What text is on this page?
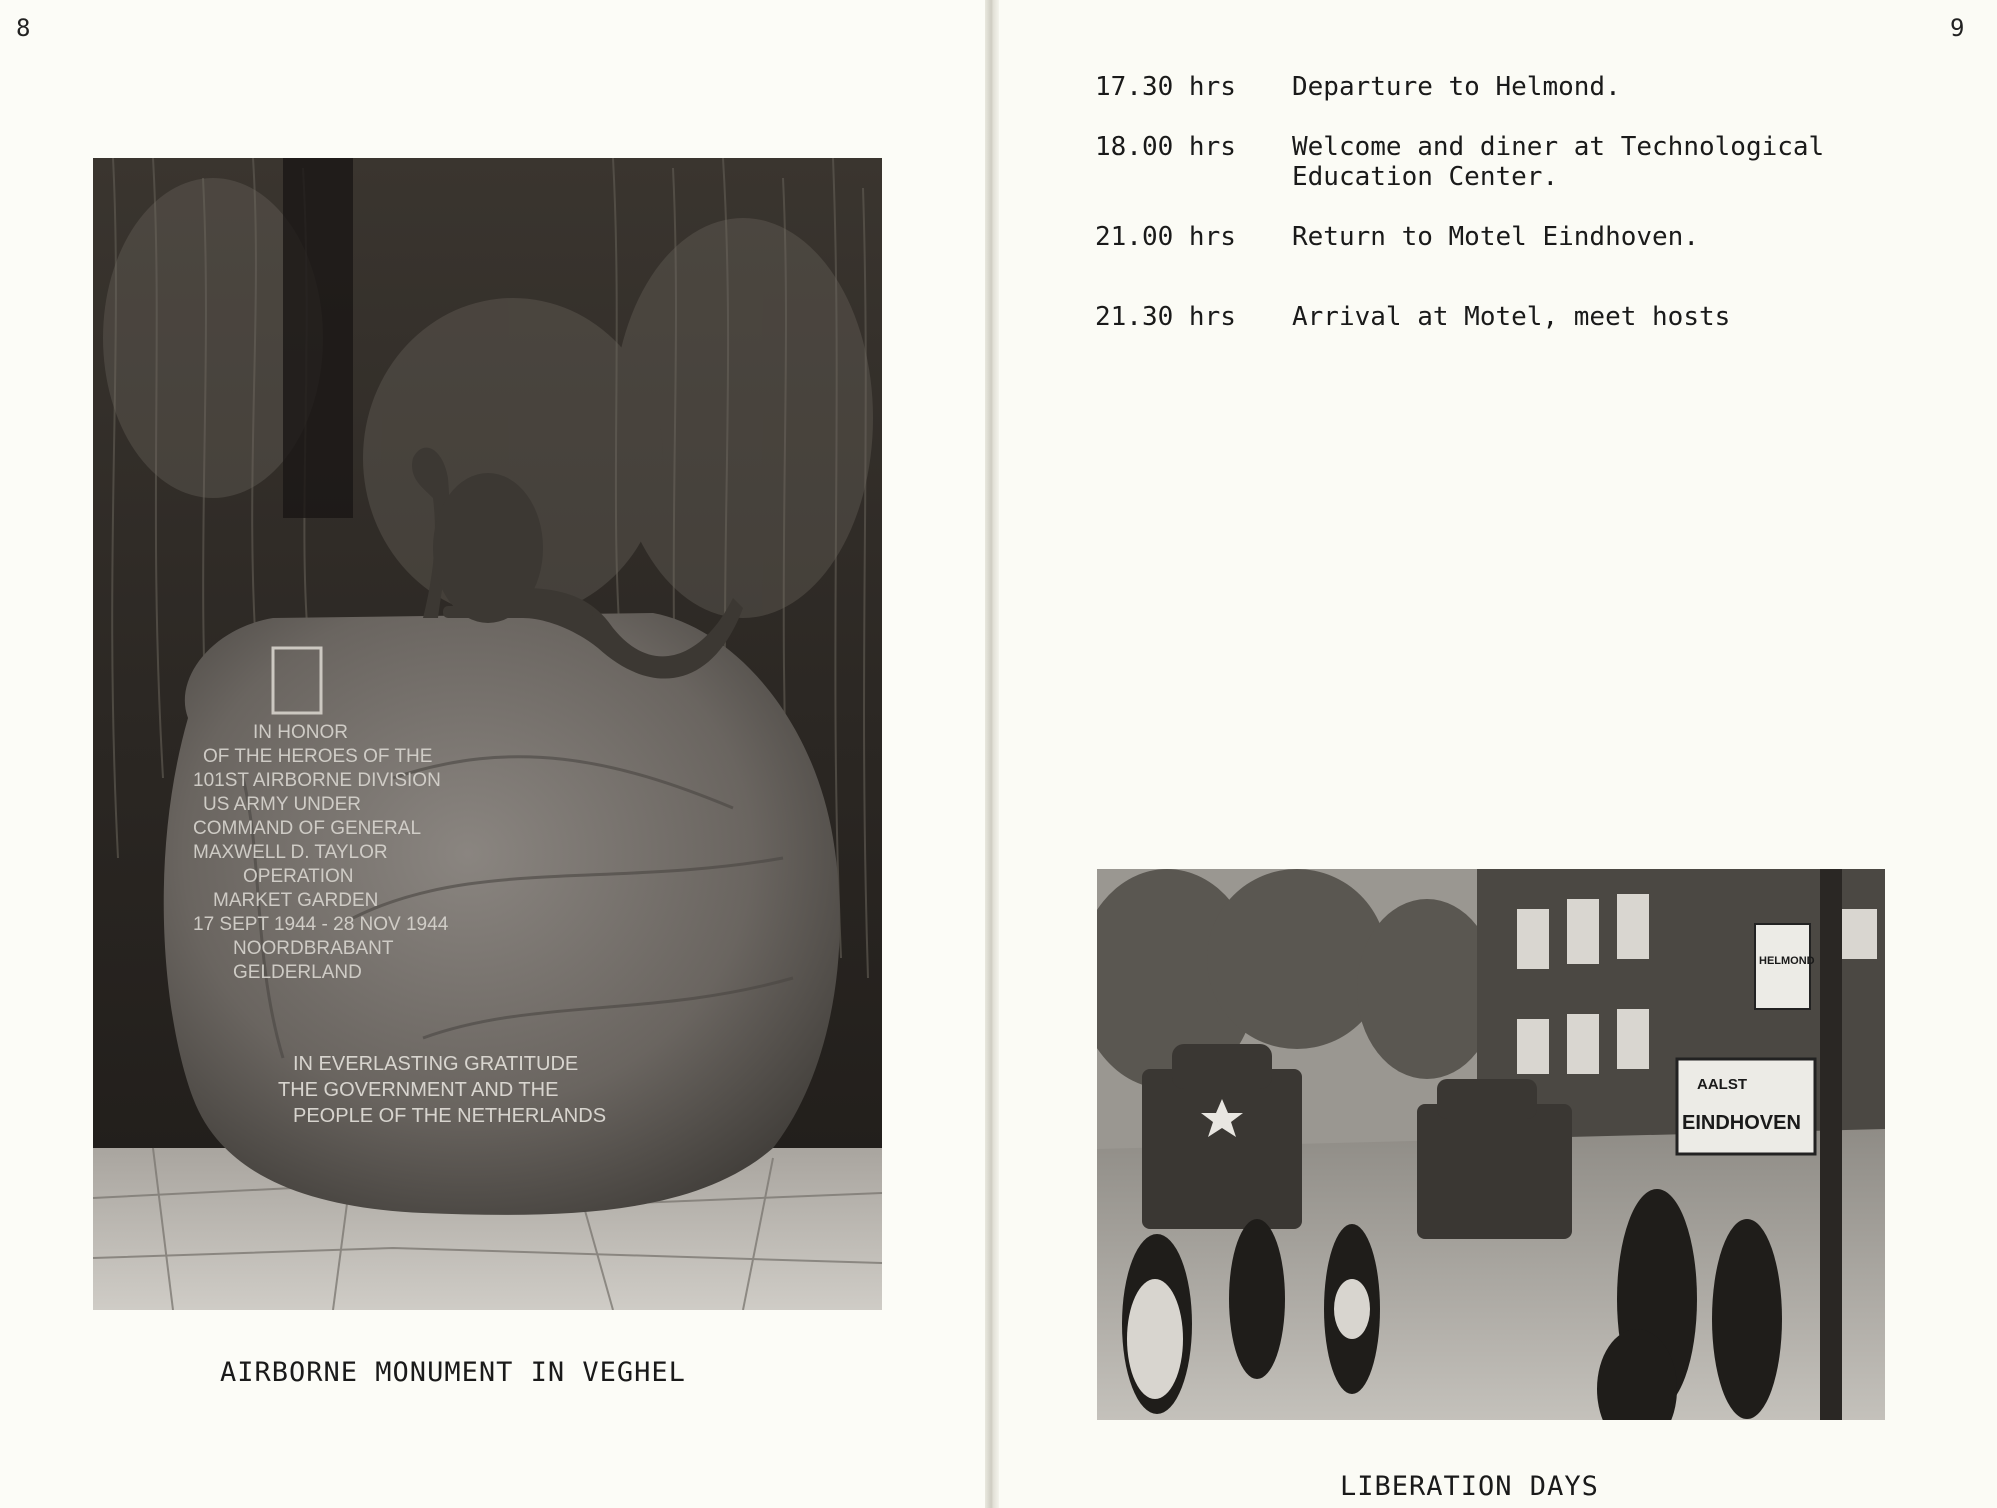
8	9
IN HONOR
OF THE HEROES OF THE
101ST AIRBORNE DIVISION
US ARMY UNDER
COMMAND OF GENERAL
MAXWELL D. TAYLOR
OPERATION
MARKET GARDEN
17 SEPT 1944 - 28 NOV 1944
NOORDBRABANT
GELDERLAND
IN EVERLASTING GRATITUDE
THE GOVERNMENT AND THE
PEOPLE OF THE NETHERLANDS
AIRBORNE MONUMENT IN VEGHEL
17.30 hrs	Departure to Helmond.
18.00 hrs	Welcome and diner at Technological Education Center.
21.00 hrs	Return to Motel Eindhoven.
21.30 hrs	Arrival at Motel, meet hosts
AALST
EINDHOVEN
HELMOND
LIBERATION DAYS
